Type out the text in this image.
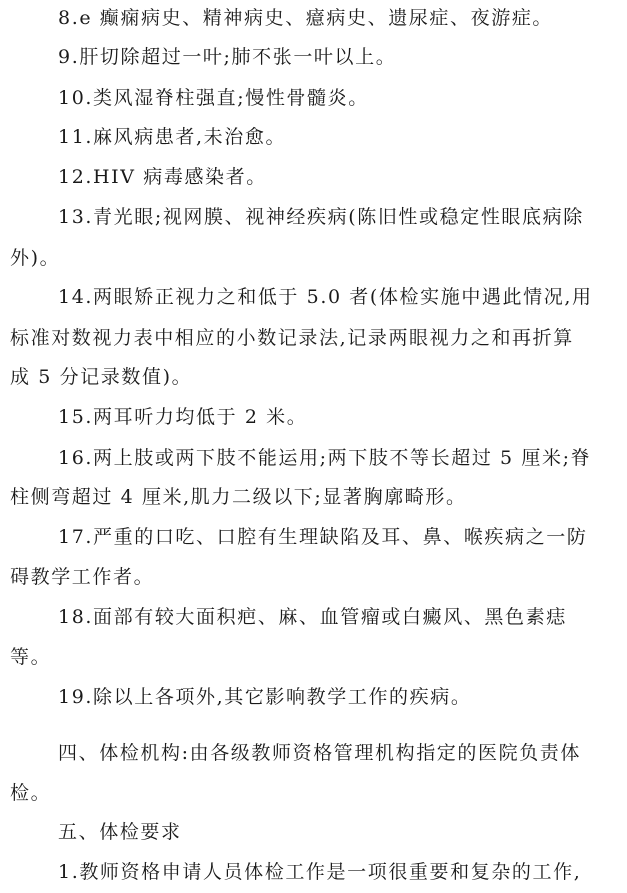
8.e 癫痫病史、精神病史、癔病史、遗尿症、夜游症。
9.肝切除超过一叶;肺不张一叶以上。
10.类风湿脊柱强直;慢性骨髓炎。
11.麻风病患者,未治愈。
12.HIV 病毒感染者。
13.青光眼;视网膜、视神经疾病(陈旧性或稳定性眼底病除
外)。
14.两眼矫正视力之和低于 5.0 者(体检实施中遇此情况,用
标准对数视力表中相应的小数记录法,记录两眼视力之和再折算
成 5 分记录数值)。
15.两耳听力均低于 2 米。
16.两上肢或两下肢不能运用;两下肢不等长超过 5 厘米;脊
柱侧弯超过 4 厘米,肌力二级以下;显著胸廓畸形。
17.严重的口吃、口腔有生理缺陷及耳、鼻、喉疾病之一防
碍教学工作者。
18.面部有较大面积疤、麻、血管瘤或白癜风、黑色素痣
等。
19.除以上各项外,其它影响教学工作的疾病。
四、体检机构:由各级教师资格管理机构指定的医院负责体
检。
五、体检要求
1.教师资格申请人员体检工作是一项很重要和复杂的工作,
